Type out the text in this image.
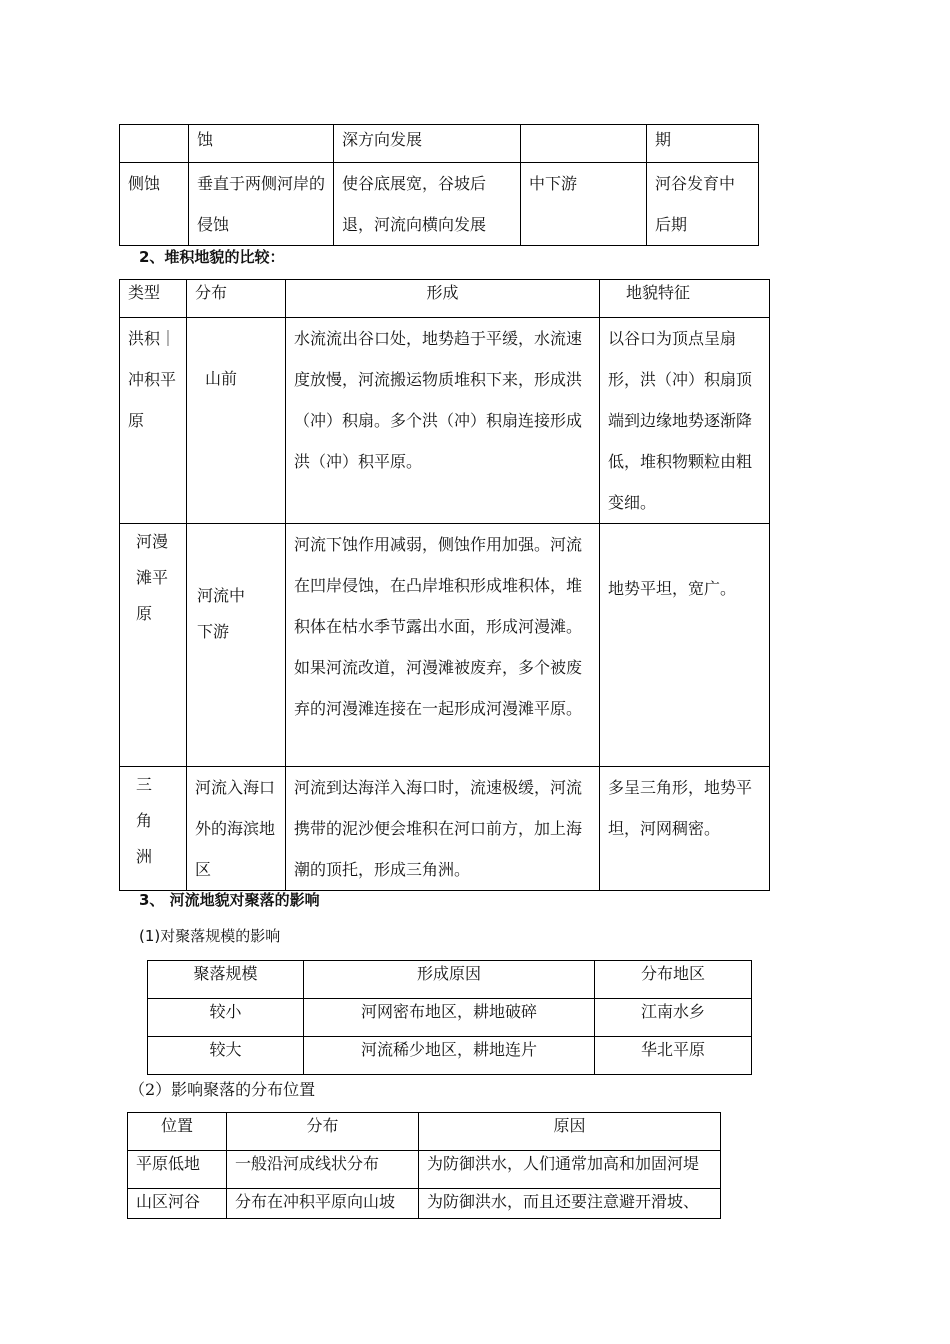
	蚀	深方向发展		期
侧蚀	垂直于两侧河岸的侵蚀	使谷底展宽，谷坡后退，河流向横向发展	中下游	河谷发育中后期
2、堆积地貌的比较：
类型	分布	形成	地貌特征
洪积｜冲积平原	山前	水流流出谷口处，地势趋于平缓，水流速度放慢，河流搬运物质堆积下来，形成洪（冲）积扇。多个洪（冲）积扇连接形成洪（冲）积平原。	以谷口为顶点呈扇形，洪（冲）积扇顶端到边缘地势逐渐降低，堆积物颗粒由粗变细。
河漫滩平原	河流中下游	河流下蚀作用减弱，侧蚀作用加强。河流在凹岸侵蚀，在凸岸堆积形成堆积体，堆积体在枯水季节露出水面，形成河漫滩。如果河流改道，河漫滩被废弃，多个被废弃的河漫滩连接在一起形成河漫滩平原。	地势平坦，宽广。
三角洲	河流入海口外的海滨地区	河流到达海洋入海口时，流速极缓，河流携带的泥沙便会堆积在河口前方，加上海潮的顶托，形成三角洲。	多呈三角形，地势平坦，河网稠密。
3、 河流地貌对聚落的影响
(1)对聚落规模的影响
聚落规模	形成原因	分布地区
较小	河网密布地区，耕地破碎	江南水乡
较大	河流稀少地区，耕地连片	华北平原
（2）影响聚落的分布位置
位置	分布	原因
平原低地	一般沿河成线状分布	为防御洪水，人们通常加高和加固河堤
山区河谷	分布在冲积平原向山坡	为防御洪水，而且还要注意避开滑坡、
